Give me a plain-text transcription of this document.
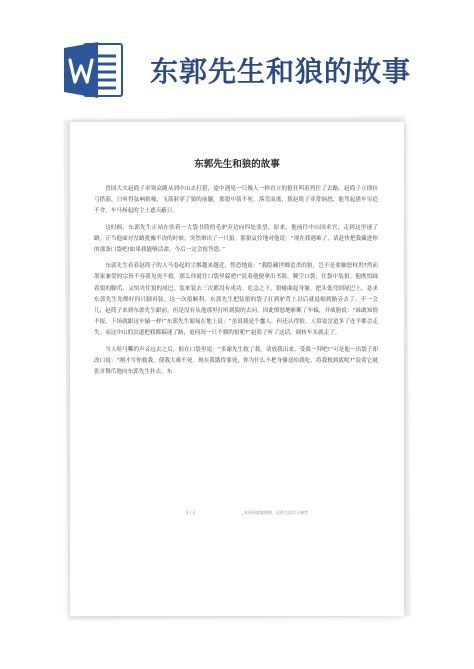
东郭先生和狼的故事
东郭先生和狼的故事

晋国大夫赵简子率领众随从到中山去打猎，途中遇见一只像人一样直立的狼狂叫着挡住了去路。赵简子立即拉弓搭箭，只听得弦响狼嚎，飞箭射穿了狼的前腿。那狼中箭不死，落荒而逃，使赵简子非常恼怒，他驾起猎车穷追不舍，车马扬起的尘土遮天蔽日。

这时候，东郭先生正站在驮着一大袋书简的毛驴旁边向四处张望。原来，他前往中山国求官，走到这里迷了路。正当他面对岔路犹豫不决的时候，突然窜出了一只狼。那狼哀怜地对他说：“现在我遇难了，请赶快把我藏进你的那条口袋吧!如果我能够活命，今后一定会报答您。”

东郭先生看着赵简子的人马卷起的尘烟越来越近，惶恐地说：“我隐藏世卿追杀的狼，岂不是要触怒权贵?然而墨家兼爱的宗旨不容我见死不救，那么你就往口袋里躲吧!”说着他便拿出书简，腾空口袋，往袋中装狼。他既怕踩着狼的脚爪，又怕夹住狼的尾巴，装来装去三次都没有成功。危急之下，狼蜷曲起身躯，把头低弯到尾巴上，恳求东郭先生先绑好四只脚再装。这一次很顺利。东郭先生把装狼的袋子扛到驴背上以后就退缩到路旁去了。不一会儿，赵简子来到东郭先生跟前，但是没有从他那里打听到狼的去向，因此愤怒地斩断了车辕，并威胁说：“谁敢知情不报，下场就跟这车辕一样!”东郭先生匍匐在地上说：“虽说我是个蠢人，但还认得狼。人常说岔道多了连羊都会走失。而这中山的岔道把我都搞迷了路，更何况一只不驯的狼呢?”赵简子听了这话，调转车头就走了。

当人喧马嘶的声音远去之后，狼在口袋里说：“多谢先生救了我。请放我出来，受我一拜吧!”可是他一出袋子却改口说：“刚才号你救我，使我大难不死。现在我饿得要死，你为什么不把身躯送给我吃，将我救到底呢?”说着它就张牙舞爪地向东郭先生扑去。东

1 / 3	_本资料收集整理，仅供交流学习参考
